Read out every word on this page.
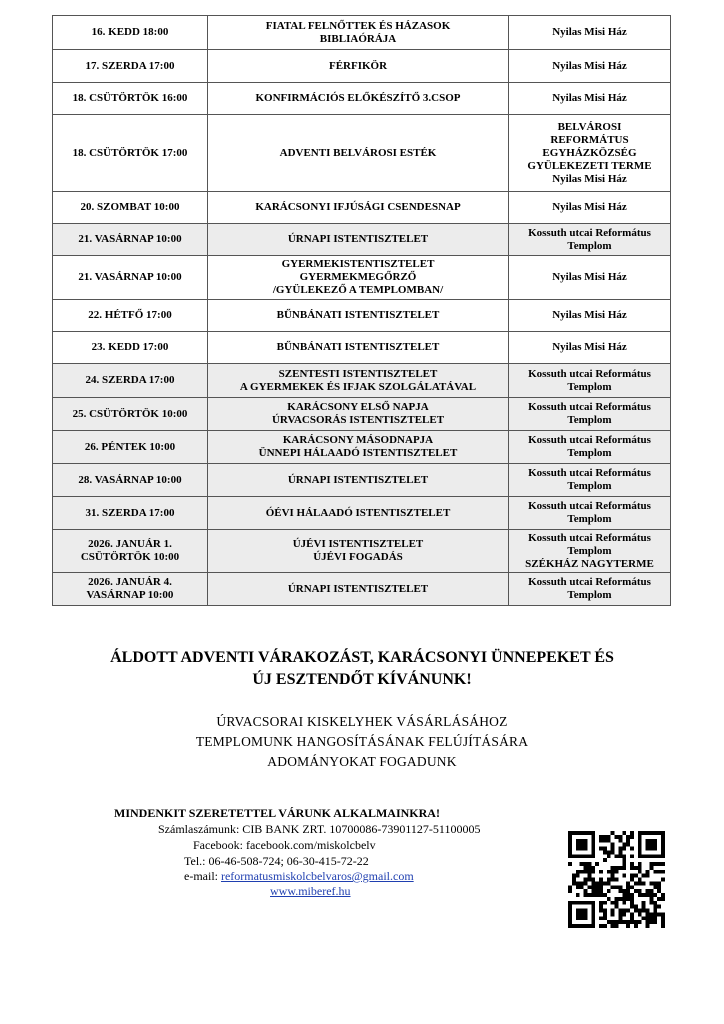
16. KEDD 18:00	FIATAL FELNŐTTEK ÉS HÁZASOK
BIBLIAÓRÁJA	Nyilas Misi Ház

17. SZERDA 17:00	FÉRFIKÖR	Nyilas Misi Ház

18. CSÜTÖRTÖK 16:00	KONFIRMÁCIÓS ELŐKÉSZÍTŐ 3.CSOP	Nyilas Misi Ház

18. CSÜTÖRTÖK 17:00	ADVENTI BELVÁROSI ESTÉK	BELVÁROSI
REFORMÁTUS
EGYHÁZKÖZSÉG
GYÜLEKEZETI TERME
Nyilas Misi Ház

20. SZOMBAT 10:00	KARÁCSONYI IFJÚSÁGI CSENDESNAP	Nyilas Misi Ház

21. VASÁRNAP 10:00	ÚRNAPI ISTENTISZTELET	Kossuth utcai Református
Templom

21. VASÁRNAP 10:00	GYERMEKISTENTISZTELET
GYERMEKMEGŐRZŐ
/GYÜLEKEZŐ A TEMPLOMBAN/	Nyilas Misi Ház

22. HÉTFŐ 17:00	BŰNBÁNATI ISTENTISZTELET	Nyilas Misi Ház

23. KEDD 17:00	BŰNBÁNATI ISTENTISZTELET	Nyilas Misi Ház

24. SZERDA 17:00	SZENTESTI ISTENTISZTELET
A GYERMEKEK ÉS IFJAK SZOLGÁLATÁVAL	Kossuth utcai Református
Templom

25. CSÜTÖRTÖK 10:00	KARÁCSONY ELSŐ NAPJA
ÚRVACSORÁS ISTENTISZTELET	Kossuth utcai Református
Templom

26. PÉNTEK 10:00	KARÁCSONY MÁSODNAPJA
ÜNNEPI HÁLAADÓ ISTENTISZTELET	Kossuth utcai Református
Templom

28. VASÁRNAP 10:00	ÚRNAPI ISTENTISZTELET	Kossuth utcai Református
Templom

31. SZERDA 17:00	ÓÉVI HÁLAADÓ ISTENTISZTELET	Kossuth utcai Református
Templom

2026. JANUÁR 1.
CSÜTÖRTÖK 10:00	ÚJÉVI ISTENTISZTELET
ÚJÉVI FOGADÁS	Kossuth utcai Református
Templom
SZÉKHÁZ NAGYTERME

2026. JANUÁR 4.
VASÁRNAP 10:00	ÚRNAPI ISTENTISZTELET	Kossuth utcai Református
Templom
ÁLDOTT ADVENTI VÁRAKOZÁST, KARÁCSONYI ÜNNEPEKET ÉS
ÚJ ESZTENDŐT KÍVÁNUNK!
ÚRVACSORAI KISKELYHEK VÁSÁRLÁSÁHOZ
TEMPLOMUNK HANGOSÍTÁSÁNAK FELÚJÍTÁSÁRA
ADOMÁNYOKAT FOGADUNK
MINDENKIT SZERETETTEL VÁRUNK ALKALMAINKRA!
Számlaszámunk: CIB BANK ZRT. 10700086-73901127-51100005
Facebook: facebook.com/miskolcbelv
Tel.: 06-46-508-724; 06-30-415-72-22
e-mail: reformatusmiskolcbelvaros@gmail.com
www.miberef.hu
